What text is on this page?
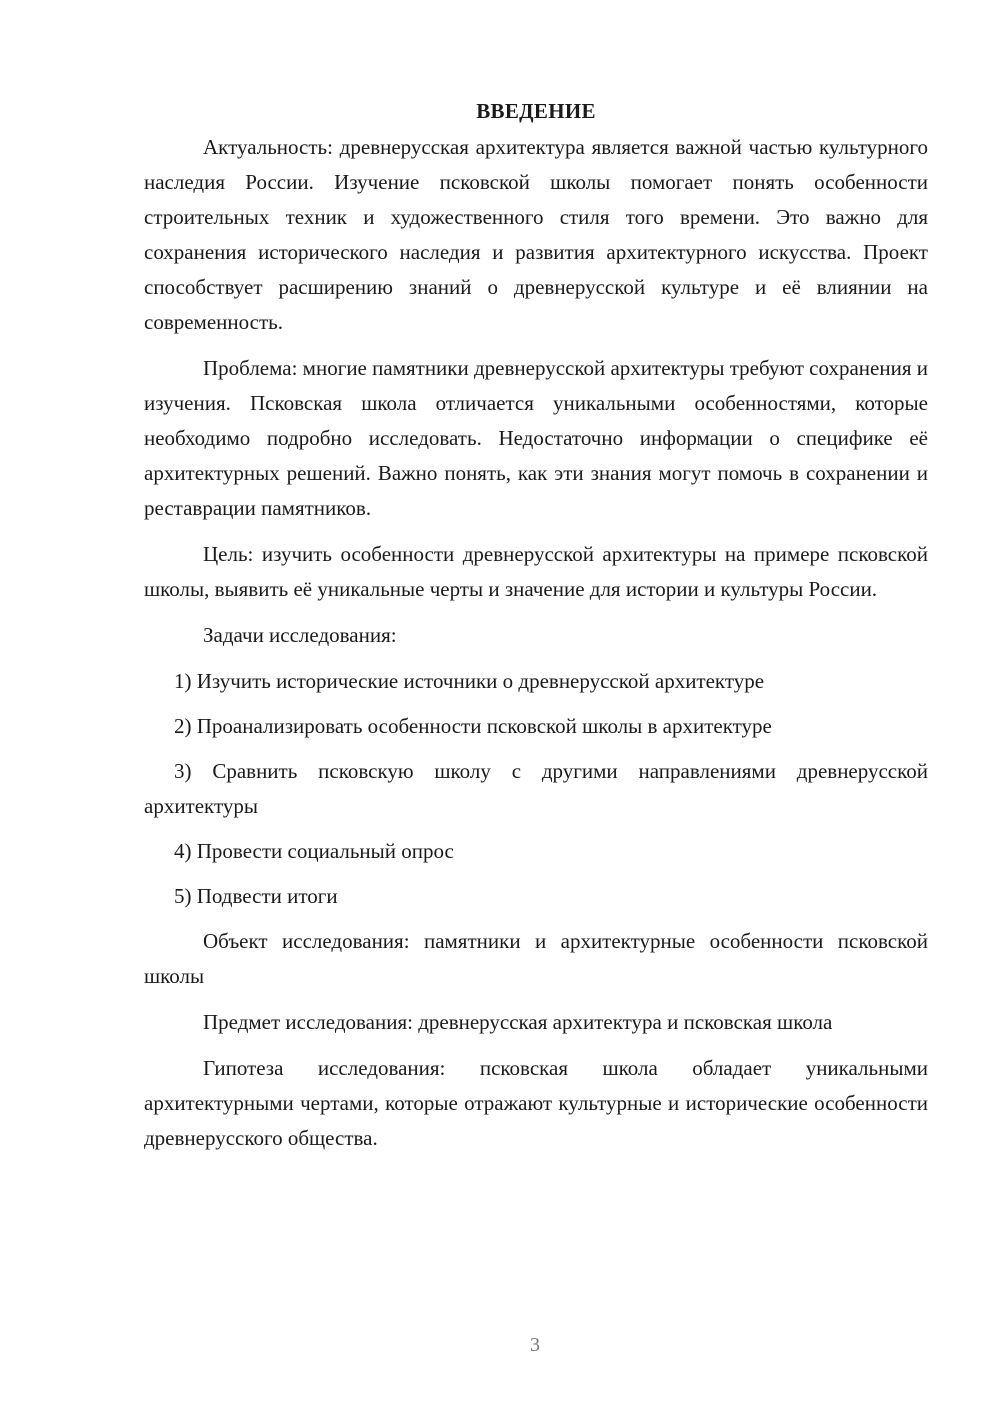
ВВЕДЕНИЕ

Актуальность: древнерусская архитектура является важной частью культурного наследия России. Изучение псковской школы помогает понять особенности строительных техник и художественного стиля того времени. Это важно для сохранения исторического наследия и развития архитектурного искусства. Проект способствует расширению знаний о древнерусской культуре и её влиянии на современность.

Проблема: многие памятники древнерусской архитектуры требуют сохранения и изучения. Псковская школа отличается уникальными особенностями, которые необходимо подробно исследовать. Недостаточно информации о специфике её архитектурных решений. Важно понять, как эти знания могут помочь в сохранении и реставрации памятников.

Цель: изучить особенности древнерусской архитектуры на примере псковской школы, выявить её уникальные черты и значение для истории и культуры России.

Задачи исследования:

1) Изучить исторические источники о древнерусской архитектуре

2) Проанализировать особенности псковской школы в архитектуре

3) Сравнить псковскую школу с другими направлениями древнерусской архитектуры

4) Провести социальный опрос

5) Подвести итоги

Объект исследования: памятники и архитектурные особенности псковской школы

Предмет исследования: древнерусская архитектура и псковская школа

Гипотеза исследования: псковская школа обладает уникальными архитектурными чертами, которые отражают культурные и исторические особенности древнерусского общества.

3
